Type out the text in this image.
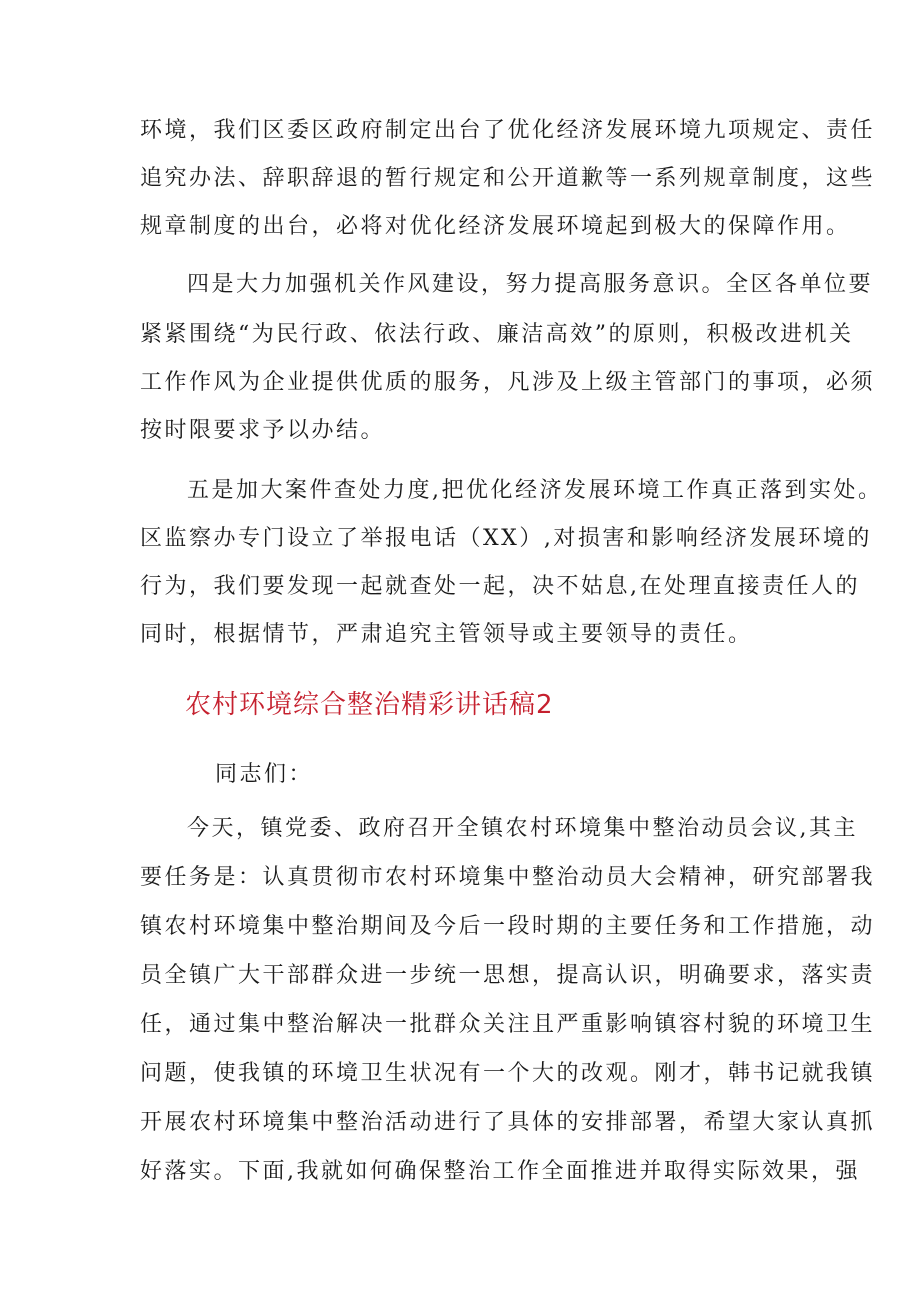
环境，我们区委区政府制定出台了优化经济发展环境九项规定、责任

追究办法、辞职辞退的暂行规定和公开道歉等一系列规章制度，这些

规章制度的出台，必将对优化经济发展环境起到极大的保障作用。

四是大力加强机关作风建设，努力提高服务意识。全区各单位要

紧紧围绕“为民行政、依法行政、廉洁高效”的原则，积极改进机关

工作作风为企业提供优质的服务，凡涉及上级主管部门的事项，必须

按时限要求予以办结。

五是加大案件查处力度,把优化经济发展环境工作真正落到实处。

区监察办专门设立了举报电话（XX）,对损害和影响经济发展环境的

行为，我们要发现一起就查处一起，决不姑息,在处理直接责任人的

同时，根据情节，严肃追究主管领导或主要领导的责任。

农村环境综合整治精彩讲话稿2

同志们：

今天，镇党委、政府召开全镇农村环境集中整治动员会议,其主

要任务是：认真贯彻市农村环境集中整治动员大会精神，研究部署我

镇农村环境集中整治期间及今后一段时期的主要任务和工作措施，动

员全镇广大干部群众进一步统一思想，提高认识，明确要求，落实责

任，通过集中整治解决一批群众关注且严重影响镇容村貌的环境卫生

问题，使我镇的环境卫生状况有一个大的改观。刚才，韩书记就我镇

开展农村环境集中整治活动进行了具体的安排部署，希望大家认真抓

好落实。下面,我就如何确保整治工作全面推进并取得实际效果，强
